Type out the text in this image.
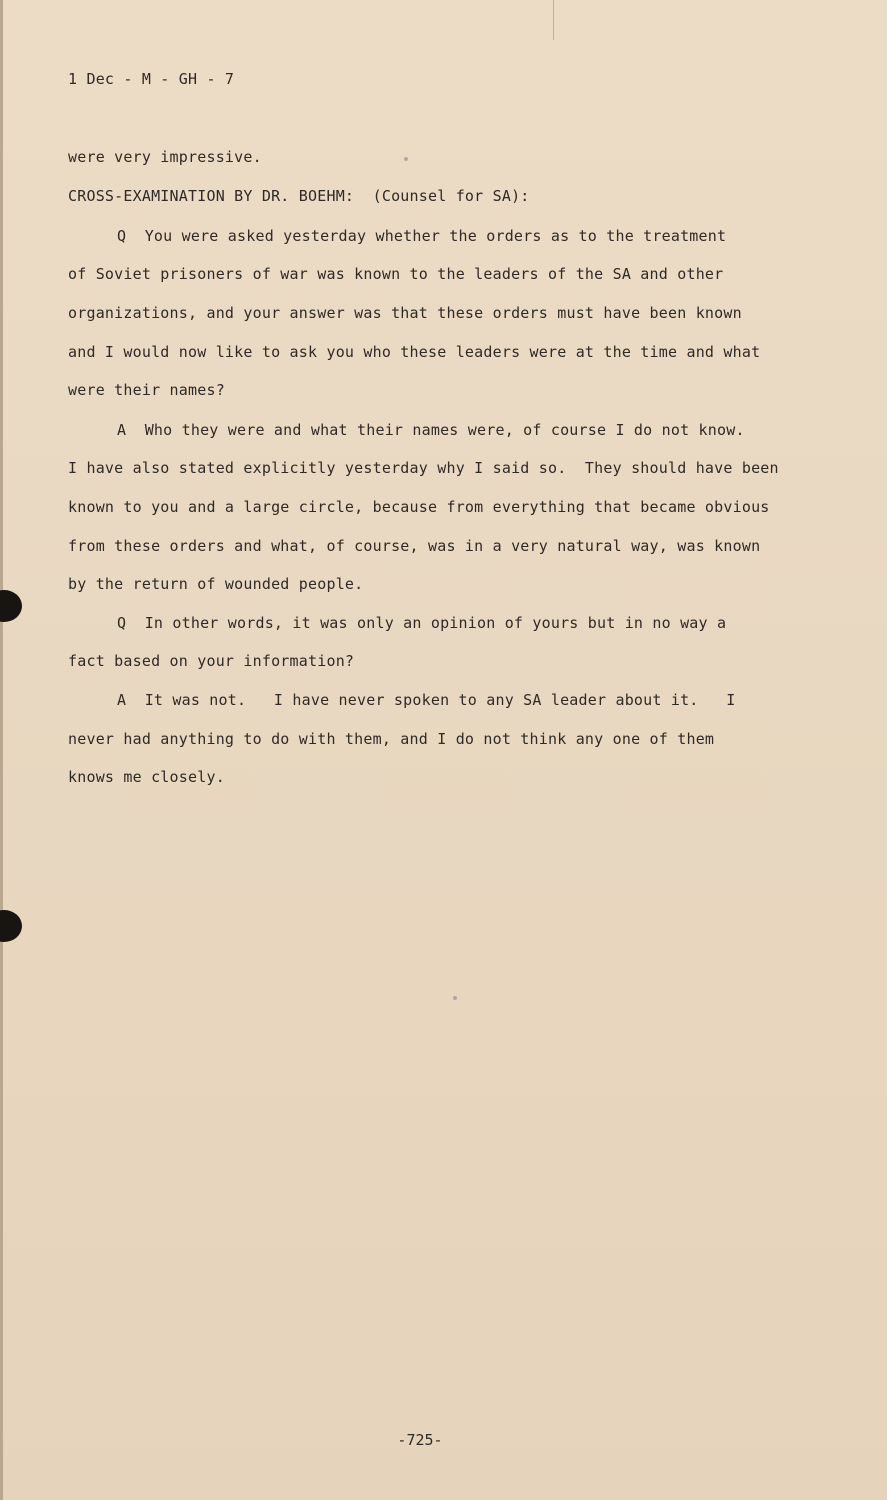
1 Dec - M - GH - 7
were very impressive.
CROSS-EXAMINATION BY DR. BOEHM:  (Counsel for SA):
Q  You were asked yesterday whether the orders as to the treatment
of Soviet prisoners of war was known to the leaders of the SA and other
organizations, and your answer was that these orders must have been known
and I would now like to ask you who these leaders were at the time and what
were their names?
A  Who they were and what their names were, of course I do not know.
I have also stated explicitly yesterday why I said so.  They should have been
known to you and a large circle, because from everything that became obvious
from these orders and what, of course, was in a very natural way, was known
by the return of wounded people.
Q  In other words, it was only an opinion of yours but in no way a
fact based on your information?
A  It was not.   I have never spoken to any SA leader about it.   I
never had anything to do with them, and I do not think any one of them
knows me closely.
-725-
